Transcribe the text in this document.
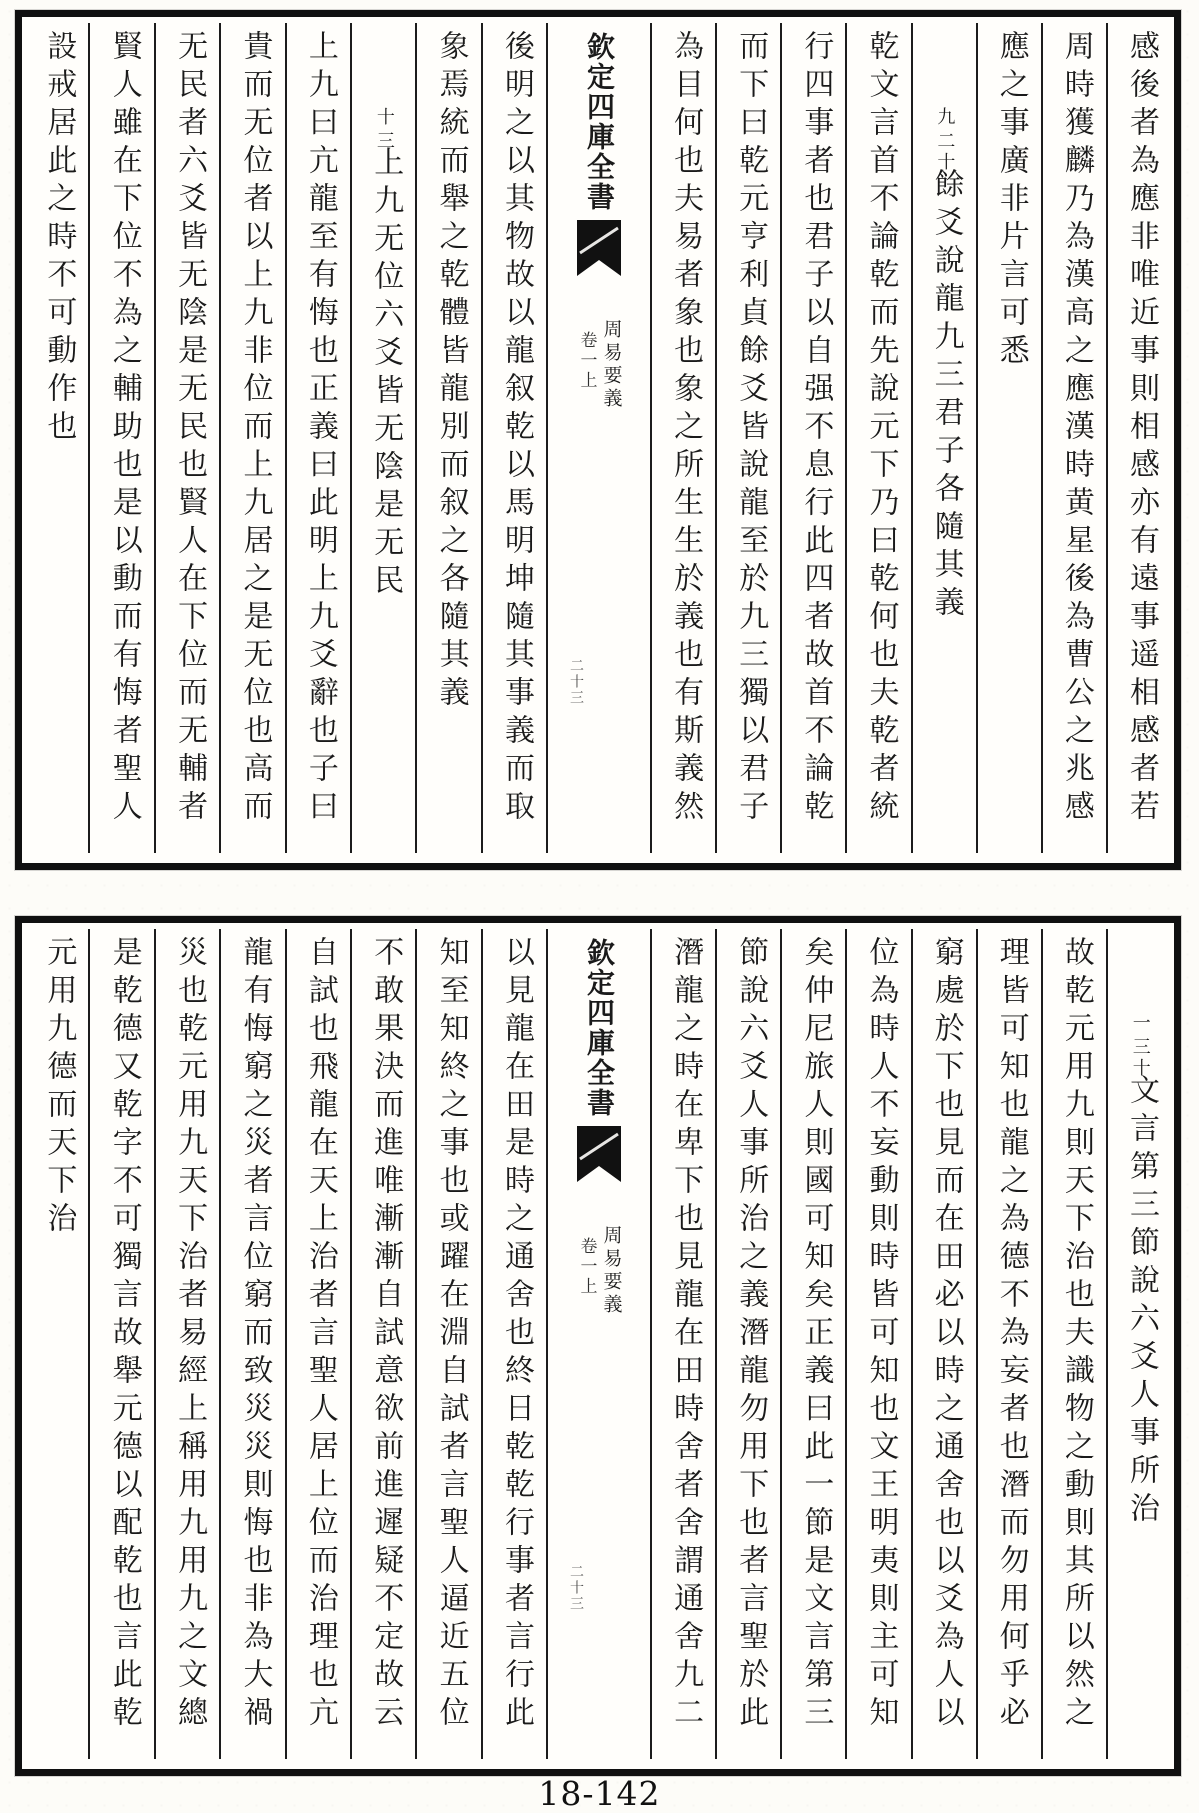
感後者為應非唯近事則相感亦有遠事遥相感者若
周時獲麟乃為漢高之應漢時黄星後為曹公之兆感
應之事廣非片言可悉
二十
九
餘爻說龍九三君子各隨其義
乾文言首不論乾而先說元下乃曰乾何也夫乾者統
行四事者也君子以自强不息行此四者故首不論乾
而下曰乾元亨利貞餘爻皆說龍至於九三獨以君子
為目何也夫易者象也象之所生生於義也有斯義然
欽定四庫全書
周易要義
卷一上
二十三
後明之以其物故以龍叙乾以馬明坤隨其事義而取
象焉統而舉之乾體皆龍別而叙之各隨其義
三
十
上九无位六爻皆无陰是无民
上九曰亢龍至有悔也正義曰此明上九爻辭也子曰
貴而无位者以上九非位而上九居之是无位也高而
无民者六爻皆无陰是无民也賢人在下位而无輔者
賢人雖在下位不為之輔助也是以動而有悔者聖人
設戒居此之時不可動作也
三十
一
文言第三節說六爻人事所治
故乾元用九則天下治也夫識物之動則其所以然之
理皆可知也龍之為德不為妄者也潛而勿用何乎必
窮處於下也見而在田必以時之通舍也以爻為人以
位為時人不妄動則時皆可知也文王明夷則主可知
矣仲尼旅人則國可知矣正義曰此一節是文言第三
節說六爻人事所治之義潛龍勿用下也者言聖於此
潛龍之時在卑下也見龍在田時舍者舍謂通舍九二
欽定四庫全書
周易要義
卷一上
二十三
以見龍在田是時之通舍也終日乾乾行事者言行此
知至知終之事也或躍在淵自試者言聖人逼近五位
不敢果決而進唯漸漸自試意欲前進遲疑不定故云
自試也飛龍在天上治者言聖人居上位而治理也亢
龍有悔窮之災者言位窮而致災災則悔也非為大禍
災也乾元用九天下治者易經上稱用九用九之文總
是乾德又乾字不可獨言故舉元德以配乾也言此乾
元用九德而天下治
18-142
